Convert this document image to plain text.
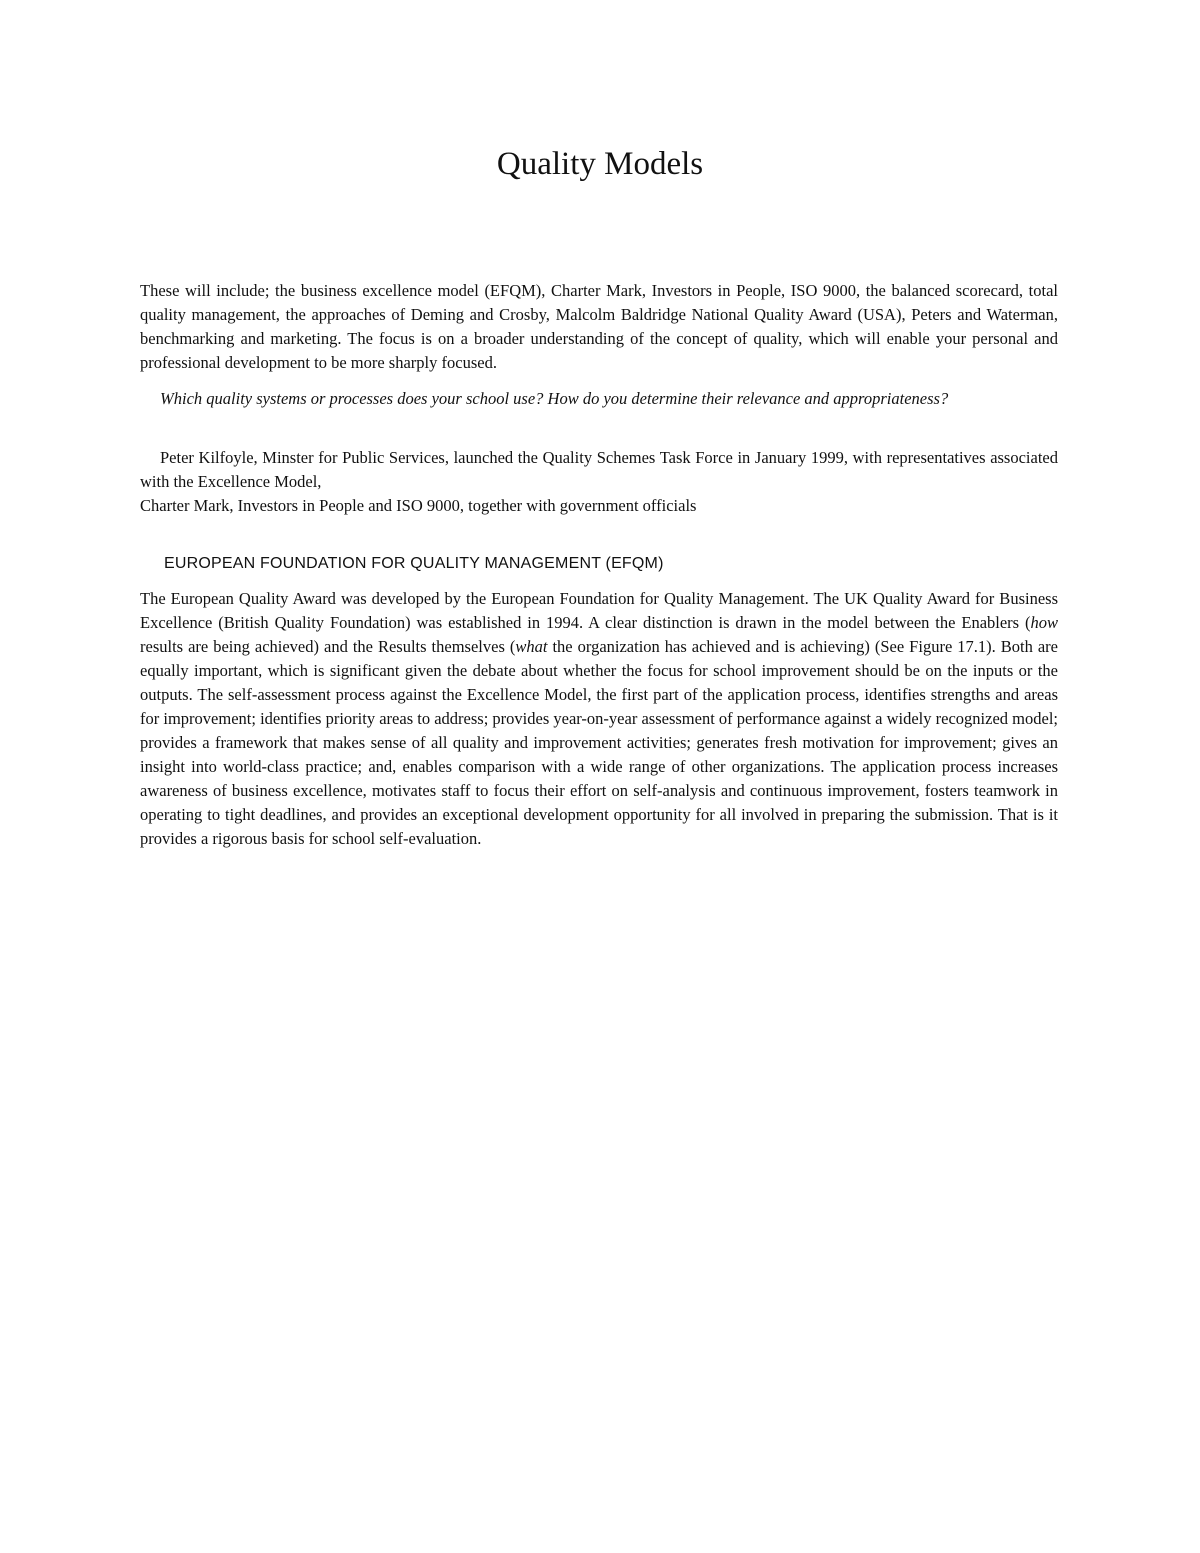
Quality Models

These will include; the business excellence model (EFQM), Charter Mark, Investors in People, ISO 9000, the balanced scorecard, total quality management, the approaches of Deming and Crosby, Malcolm Baldridge National Quality Award (USA), Peters and Waterman, benchmarking and marketing. The focus is on a broader understanding of the concept of quality, which will enable your personal and professional development to be more sharply focused.

Which quality systems or processes does your school use? How do you determine their relevance and appropriateness?

Peter Kilfoyle, Minster for Public Services, launched the Quality Schemes Task Force in January 1999, with representatives associated with the Excellence Model,

Charter Mark, Investors in People and ISO 9000, together with government officials

EUROPEAN FOUNDATION FOR QUALITY MANAGEMENT (EFQM)

The European Quality Award was developed by the European Foundation for Quality Management. The UK Quality Award for Business Excellence (British Quality Foundation) was established in 1994. A clear distinction is drawn in the model between the Enablers (how results are being achieved) and the Results themselves (what the organization has achieved and is achieving) (See Figure 17.1). Both are equally important, which is significant given the debate about whether the focus for school improvement should be on the inputs or the outputs. The self-assessment process against the Excellence Model, the first part of the application process, identifies strengths and areas for improvement; identifies priority areas to address; provides year-on-year assessment of performance against a widely recognized model; provides a framework that makes sense of all quality and improvement activities; generates fresh motivation for improvement; gives an insight into world-class practice; and, enables comparison with a wide range of other organizations. The application process increases awareness of business excellence, motivates staff to focus their effort on self-analysis and continuous improvement, fosters teamwork in operating to tight deadlines, and provides an exceptional development opportunity for all involved in preparing the submission. That is it provides a rigorous basis for school self-evaluation.
